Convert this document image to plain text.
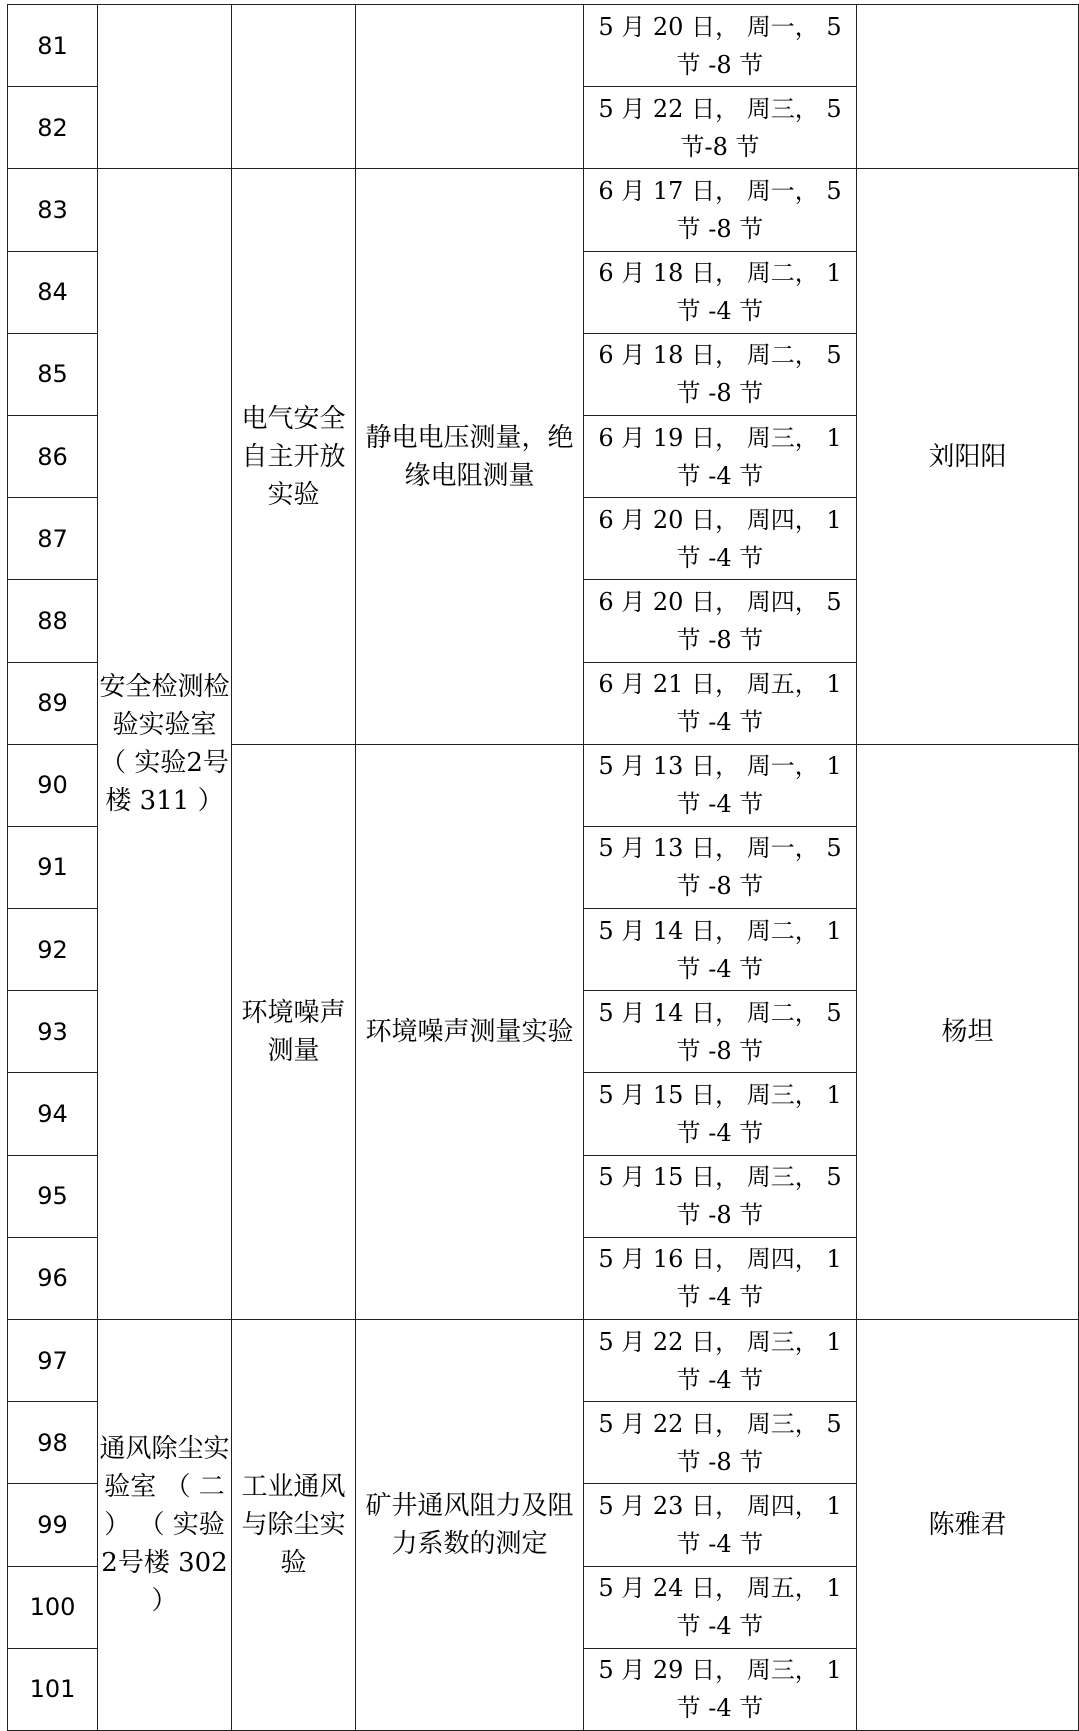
81				5 月 20 日， 周一， 5 节 -8 节	
82				5 月 22 日， 周三， 5 节-8 节	
83	安全检测检验实验室 （ 实验2号楼 311 ）	电气安全自主开放实验	静电电压测量，绝缘电阻测量	6 月 17 日， 周一， 5 节 -8 节	刘阳阳
84				6 月 18 日， 周二， 1 节 -4 节	
85				6 月 18 日， 周二， 5 节 -8 节	
86				6 月 19 日， 周三， 1 节 -4 节	
87				6 月 20 日， 周四， 1 节 -4 节	
88				6 月 20 日， 周四， 5 节 -8 节	
89				6 月 21 日， 周五， 1 节 -4 节	
90		环境噪声测量	环境噪声测量实验	5 月 13 日， 周一， 1 节 -4 节	杨坦
91				5 月 13 日， 周一， 5 节 -8 节	
92				5 月 14 日， 周二， 1 节 -4 节	
93				5 月 14 日， 周二， 5 节 -8 节	
94				5 月 15 日， 周三， 1 节 -4 节	
95				5 月 15 日， 周三， 5 节 -8 节	
96				5 月 16 日， 周四， 1 节 -4 节	
97	通风除尘实验室 （ 二 ） （ 实验2号楼 302 ）	工业通风与除尘实验	矿井通风阻力及阻力系数的测定	5 月 22 日， 周三， 1 节 -4 节	陈雅君
98				5 月 22 日， 周三， 5 节 -8 节	
99				5 月 23 日， 周四， 1 节 -4 节	
100				5 月 24 日， 周五， 1 节 -4 节	
101				5 月 29 日， 周三， 1 节 -4 节	
